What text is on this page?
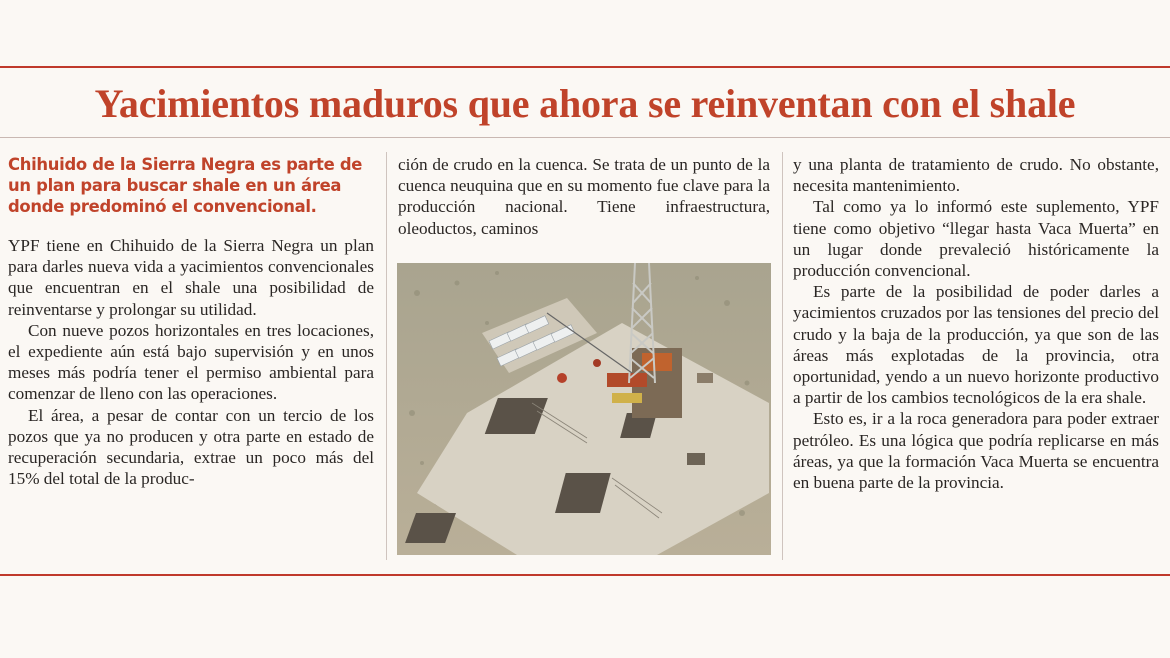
Yacimientos maduros que ahora se reinventan con el shale

Chihuido de la Sierra Negra es parte de un plan para buscar shale en un área donde predominó el convencional.

YPF tiene en Chihuido de la Sierra Negra un plan para darles nueva vida a yacimientos convencionales que encuentran en el shale una posibilidad de reinventarse y prolongar su utilidad.

Con nueve pozos horizontales en tres locaciones, el expediente aún está bajo supervisión y en unos meses más podría tener el permiso ambiental para comenzar de lleno con las operaciones.

El área, a pesar de contar con un tercio de los pozos que ya no producen y otra parte en estado de recuperación secundaria, extrae un poco más del 15% del total de la produc-

ción de crudo en la cuenca. Se trata de un punto de la cuenca neuquina que en su momento fue clave para la producción nacional. Tiene infraestructura, oleoductos, caminos

y una planta de tratamiento de crudo. No obstante, necesita mantenimiento.

Tal como ya lo informó este suplemento, YPF tiene como objetivo “llegar hasta Vaca Muerta” en un lugar donde prevaleció históricamente la producción convencional.

Es parte de la posibilidad de poder darles a yacimientos cruzados por las tensiones del precio del crudo y la baja de la producción, ya que son de las áreas más explotadas de la provincia, otra oportunidad, yendo a un nuevo horizonte productivo a partir de los cambios tecnológicos de la era shale.

Esto es, ir a la roca generadora para poder extraer petróleo. Es una lógica que podría replicarse en más áreas, ya que la formación Vaca Muerta se encuentra en buena parte de la provincia.
